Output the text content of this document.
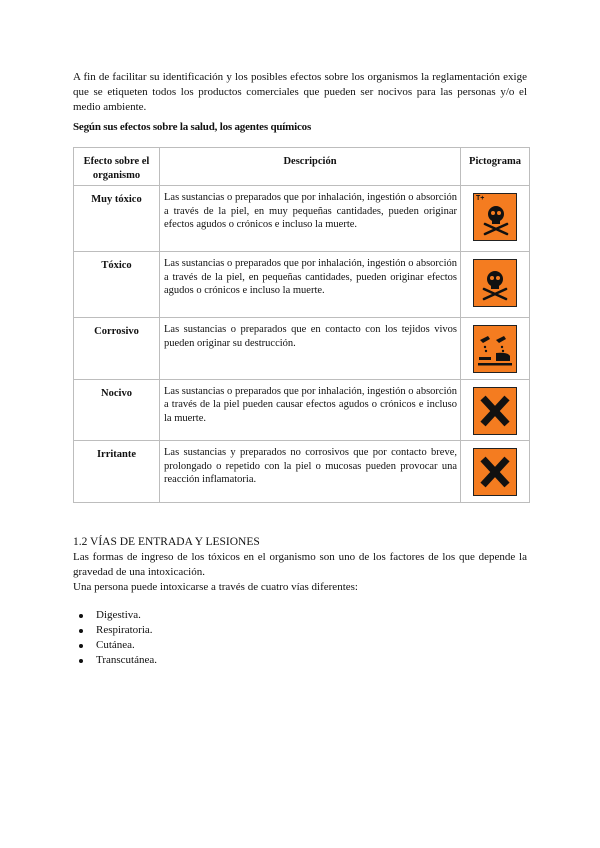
A fin de facilitar su identificación y los posibles efectos sobre los organismos la reglamentación exige que se etiqueten todos los productos comerciales que pueden ser nocivos para las personas y/o el medio ambiente.

Según sus efectos sobre la salud, los agentes químicos

Efecto sobre el organismo	Descripción	Pictograma
Muy tóxico	Las sustancias o preparados que por inhalación, ingestión o absorción a través de la piel, en muy pequeñas cantidades, pueden originar efectos agudos o crónicos e incluso la muerte.	T+

Tóxico	Las sustancias o preparados que por inhalación, ingestión o absorción a través de la piel, en pequeñas cantidades, pueden originar efectos agudos o crónicos e incluso la muerte.	

Corrosivo	Las sustancias o preparados que en contacto con los tejidos vivos pueden originar su destrucción.	

Nocivo	Las sustancias o preparados que por inhalación, ingestión o absorción a través de la piel pueden causar efectos agudos o crónicos e incluso la muerte.	

Irritante	Las sustancias y preparados no corrosivos que por contacto breve, prolongado o repetido con la piel o mucosas pueden provocar una reacción inflamatoria.	

1.2 VÍAS DE ENTRADA Y LESIONES

Las formas de ingreso de los tóxicos en el organismo son uno de los factores de los que depende la gravedad de una intoxicación.

Una persona puede intoxicarse a través de cuatro vías diferentes:

Digestiva.
Respiratoria.
Cutánea.
Transcutánea.
